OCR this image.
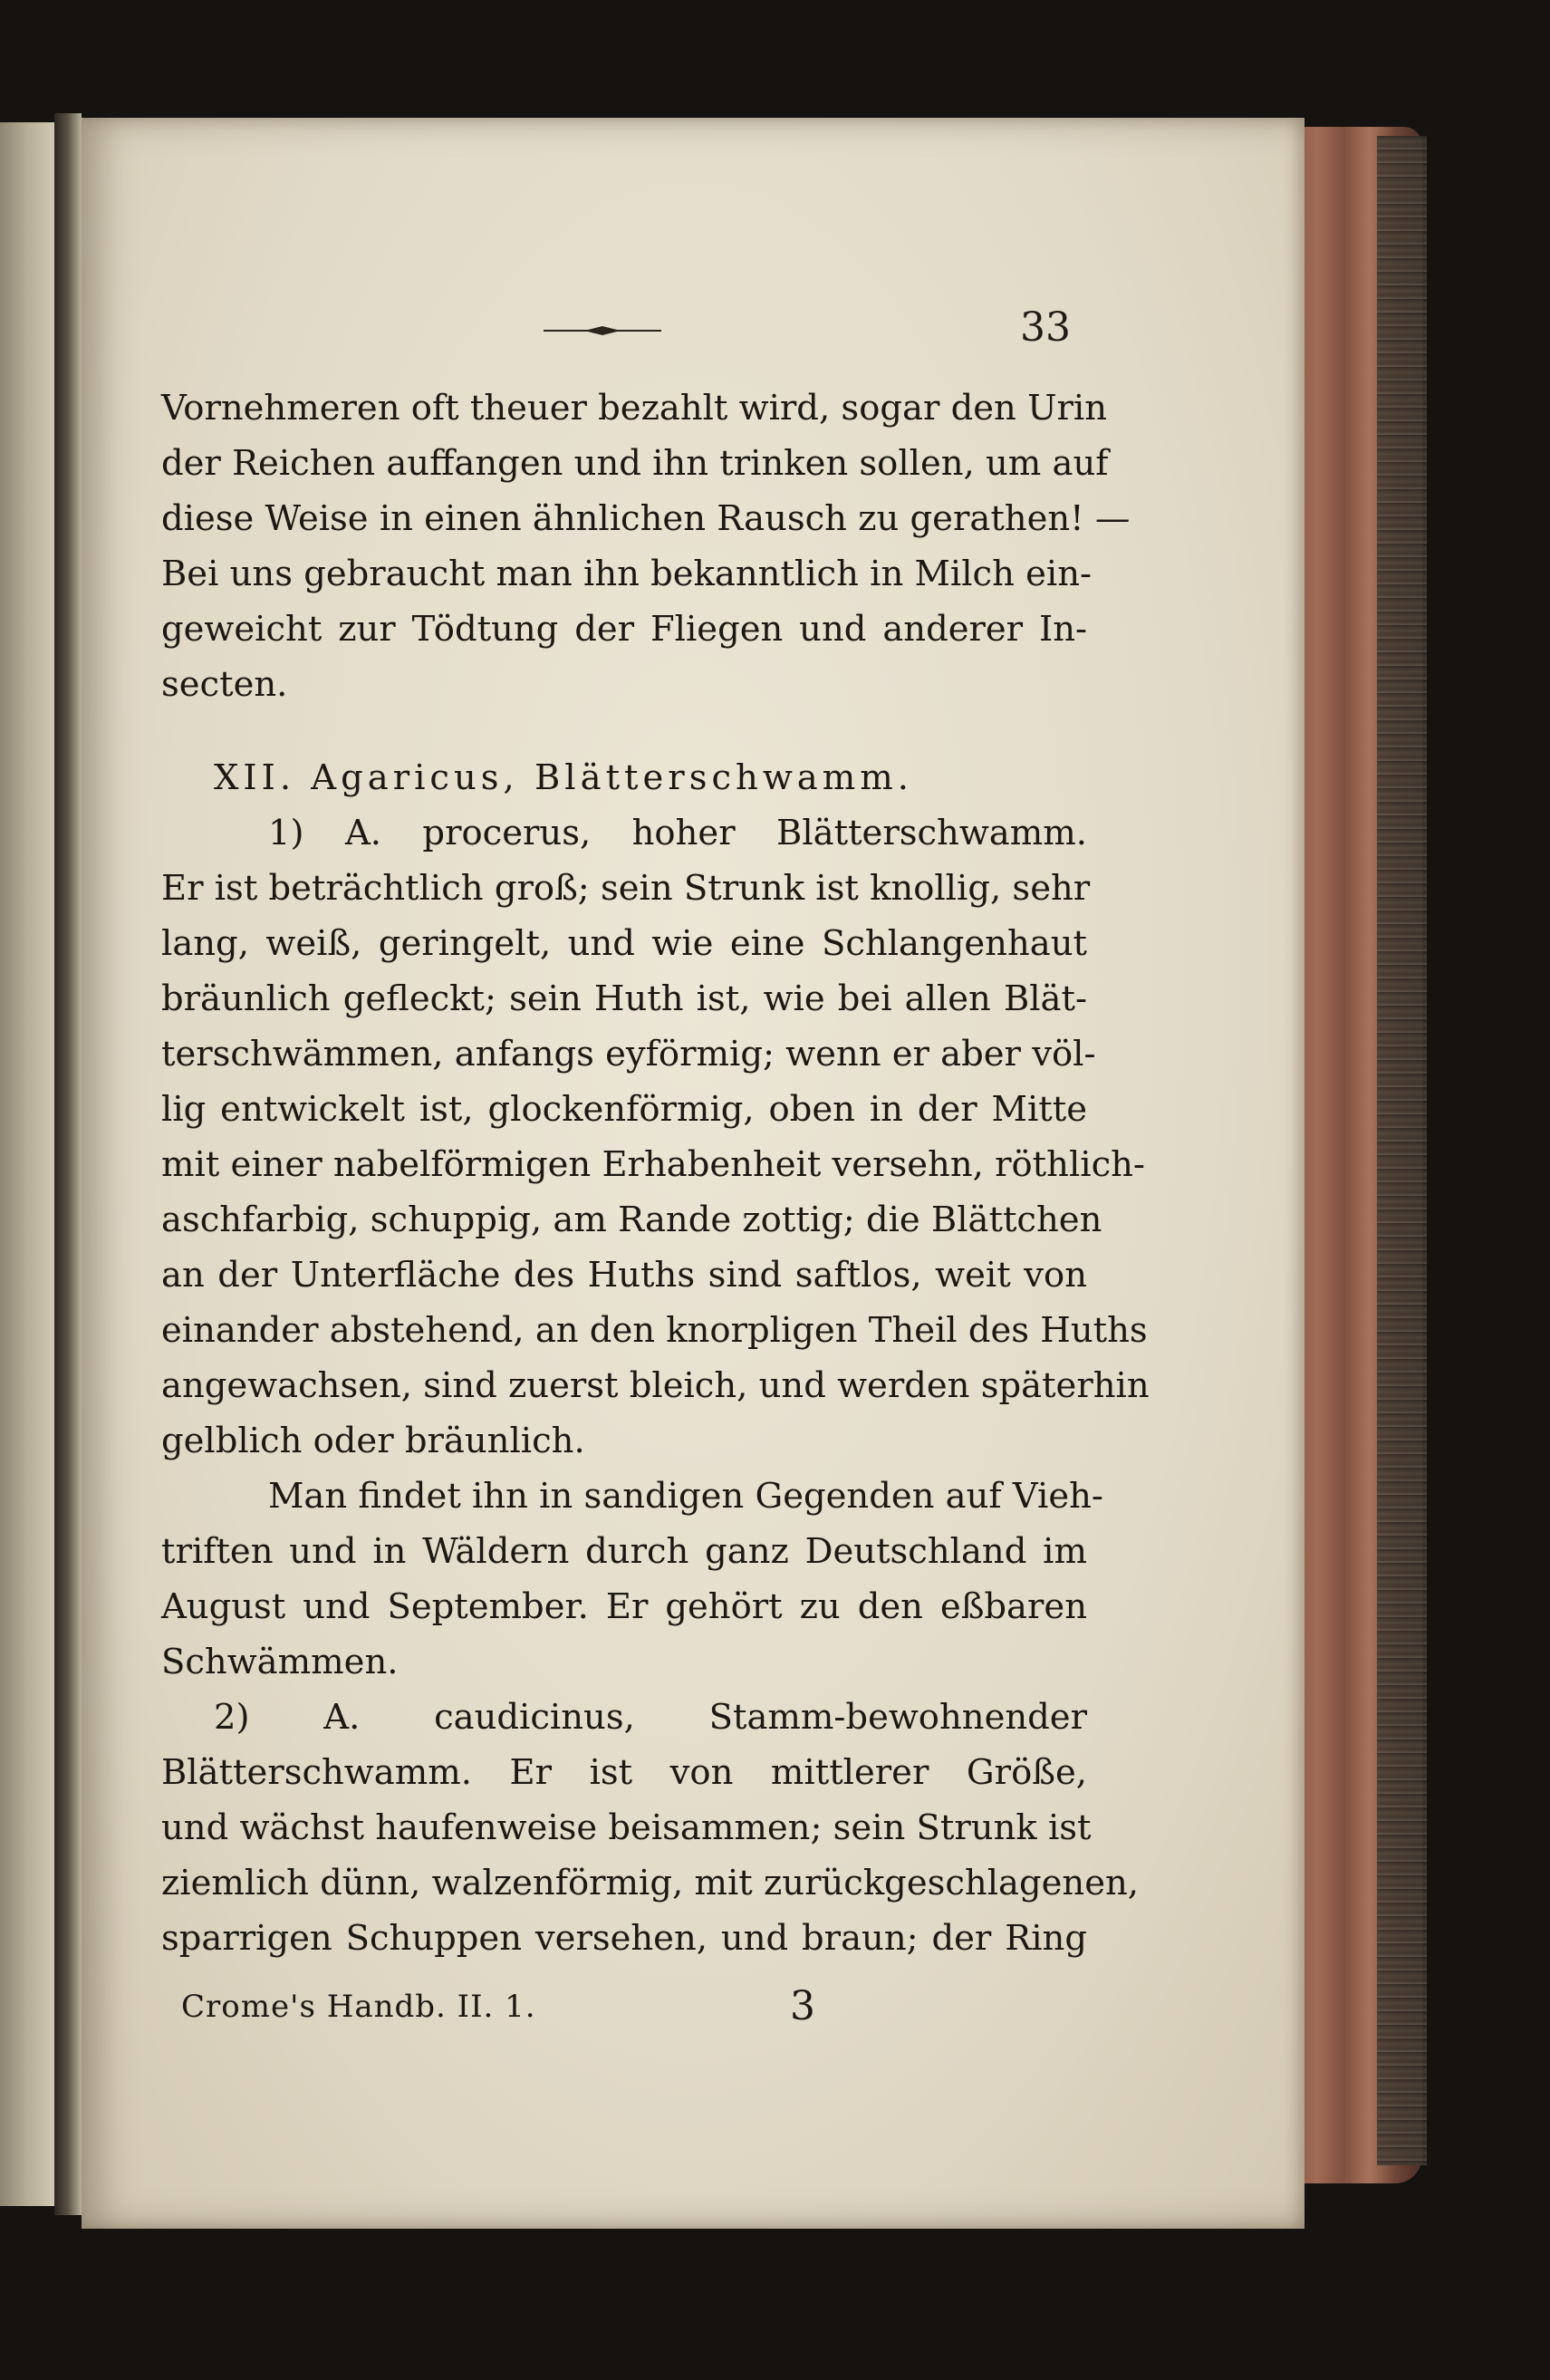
33
Vornehmeren oft theuer bezahlt wird, sogar den Urin
der Reichen auffangen und ihn trinken sollen, um auf
diese Weise in einen ähnlichen Rausch zu gerathen! —
Bei uns gebraucht man ihn bekanntlich in Milch ein-
geweicht zur Tödtung der Fliegen und anderer In-
secten.
XII. Agaricus, Blätterschwamm.
1) A. procerus, hoher Blätterschwamm.
Er ist beträchtlich groß; sein Strunk ist knollig, sehr
lang, weiß, geringelt, und wie eine Schlangenhaut
bräunlich gefleckt; sein Huth ist, wie bei allen Blät-
terschwämmen, anfangs eyförmig; wenn er aber völ-
lig entwickelt ist, glockenförmig, oben in der Mitte
mit einer nabelförmigen Erhabenheit versehn, röthlich-
aschfarbig, schuppig, am Rande zottig; die Blättchen
an der Unterfläche des Huths sind saftlos, weit von
einander abstehend, an den knorpligen Theil des Huths
angewachsen, sind zuerst bleich, und werden späterhin
gelblich oder bräunlich.
Man findet ihn in sandigen Gegenden auf Vieh-
triften und in Wäldern durch ganz Deutschland im
August und September. Er gehört zu den eßbaren
Schwämmen.
2) A. caudicinus, Stamm-bewohnender
Blätterschwamm. Er ist von mittlerer Größe,
und wächst haufenweise beisammen; sein Strunk ist
ziemlich dünn, walzenförmig, mit zurückgeschlagenen,
sparrigen Schuppen versehen, und braun; der Ring
Crome's Handb. II. 1.	3
